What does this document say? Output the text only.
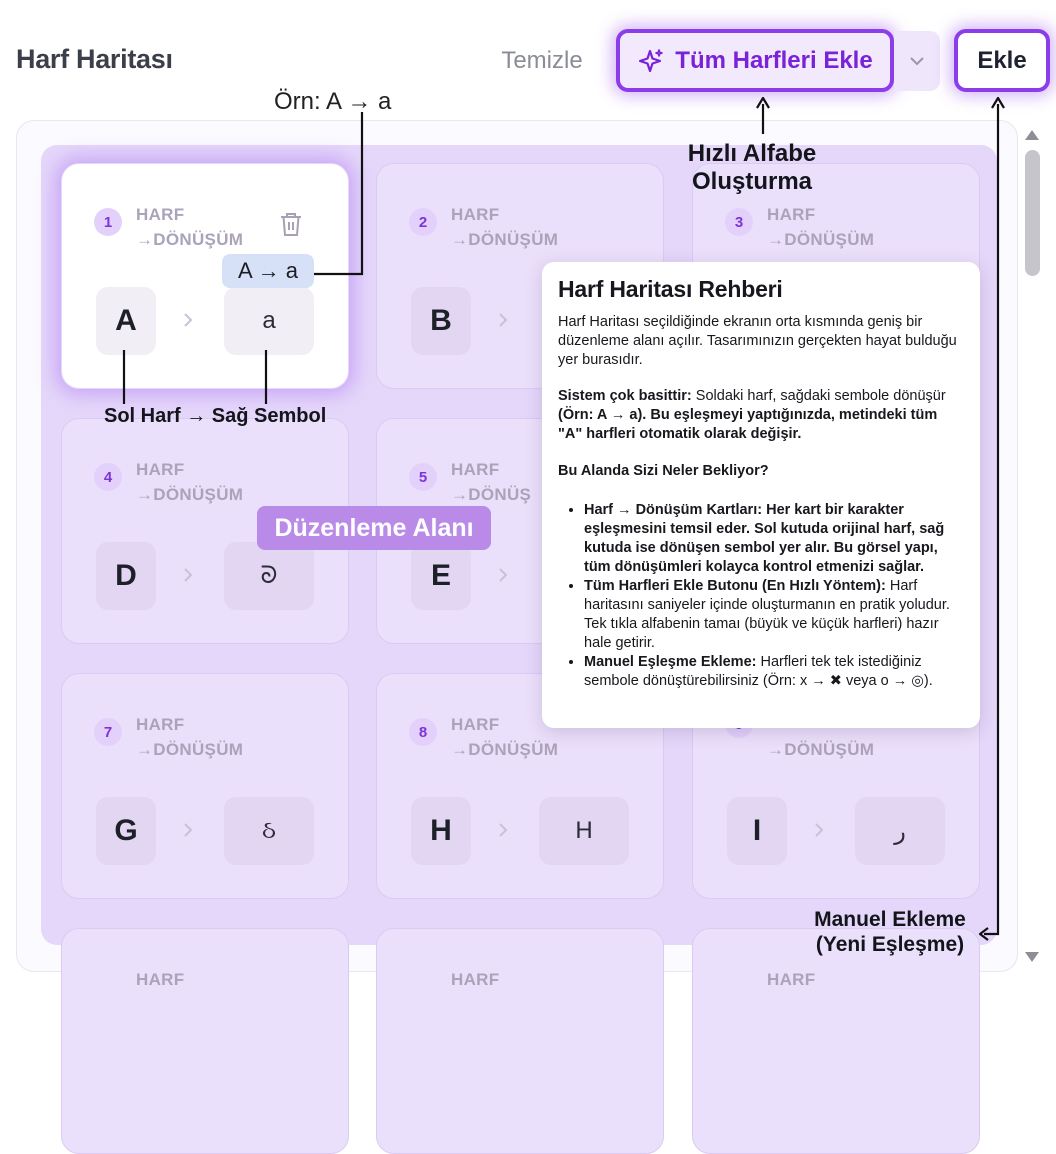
Harf Haritası	Temizle	Tüm Harfleri Ekle	Ekle
1	HARF
→DÖNÜŞÜM
A	a
2	HARF
→DÖNÜŞÜM
B
3	HARF
→DÖNÜŞÜM
4	HARF
→DÖNÜŞÜM
D	ᘐ
5	HARF
→DÖNÜŞ
E
7	HARF
→DÖNÜŞÜM
G	ઠ
8	HARF
→DÖNÜŞÜM
H	H

→DÖNÜŞÜM
I	ﺭ
HARF	HARF	HARF
Örn: A → a
A → a
Hızlı Alfabe Oluşturma
Sol Harf → Sağ Sembol
Düzenleme Alanı
Manuel Ekleme (Yeni Eşleşme)
Harf Haritası Rehberi

Harf Haritası seçildiğinde ekranın orta kısmında geniş bir düzenleme alanı açılır. Tasarımınızın gerçekten hayat bulduğu yer burasıdır.

Sistem çok basittir: Soldaki harf, sağdaki sembole dönüşür (Örn: A → a). Bu eşleşmeyi yaptığınızda, metindeki tüm "A" harfleri otomatik olarak değişir.

Bu Alanda Sizi Neler Bekliyor?

• Harf → Dönüşüm Kartları: Her kart bir karakter eşleşmesini temsil eder. Sol kutuda orijinal harf, sağ kutuda ise dönüşen sembol yer alır. Bu görsel yapı, tüm dönüşümleri kolayca kontrol etmenizi sağlar.
• Tüm Harfleri Ekle Butonu (En Hızlı Yöntem): Harf haritasını saniyeler içinde oluşturmanın en pratik yoludur. Tek tıkla alfabenin tamaı (büyük ve küçük harfleri) hazır hale getirir.
• Manuel Eşleşme Ekleme: Harfleri tek tek istediğiniz sembole dönüştürebilirsiniz (Örn: x → ✖ veya o → ◎).
